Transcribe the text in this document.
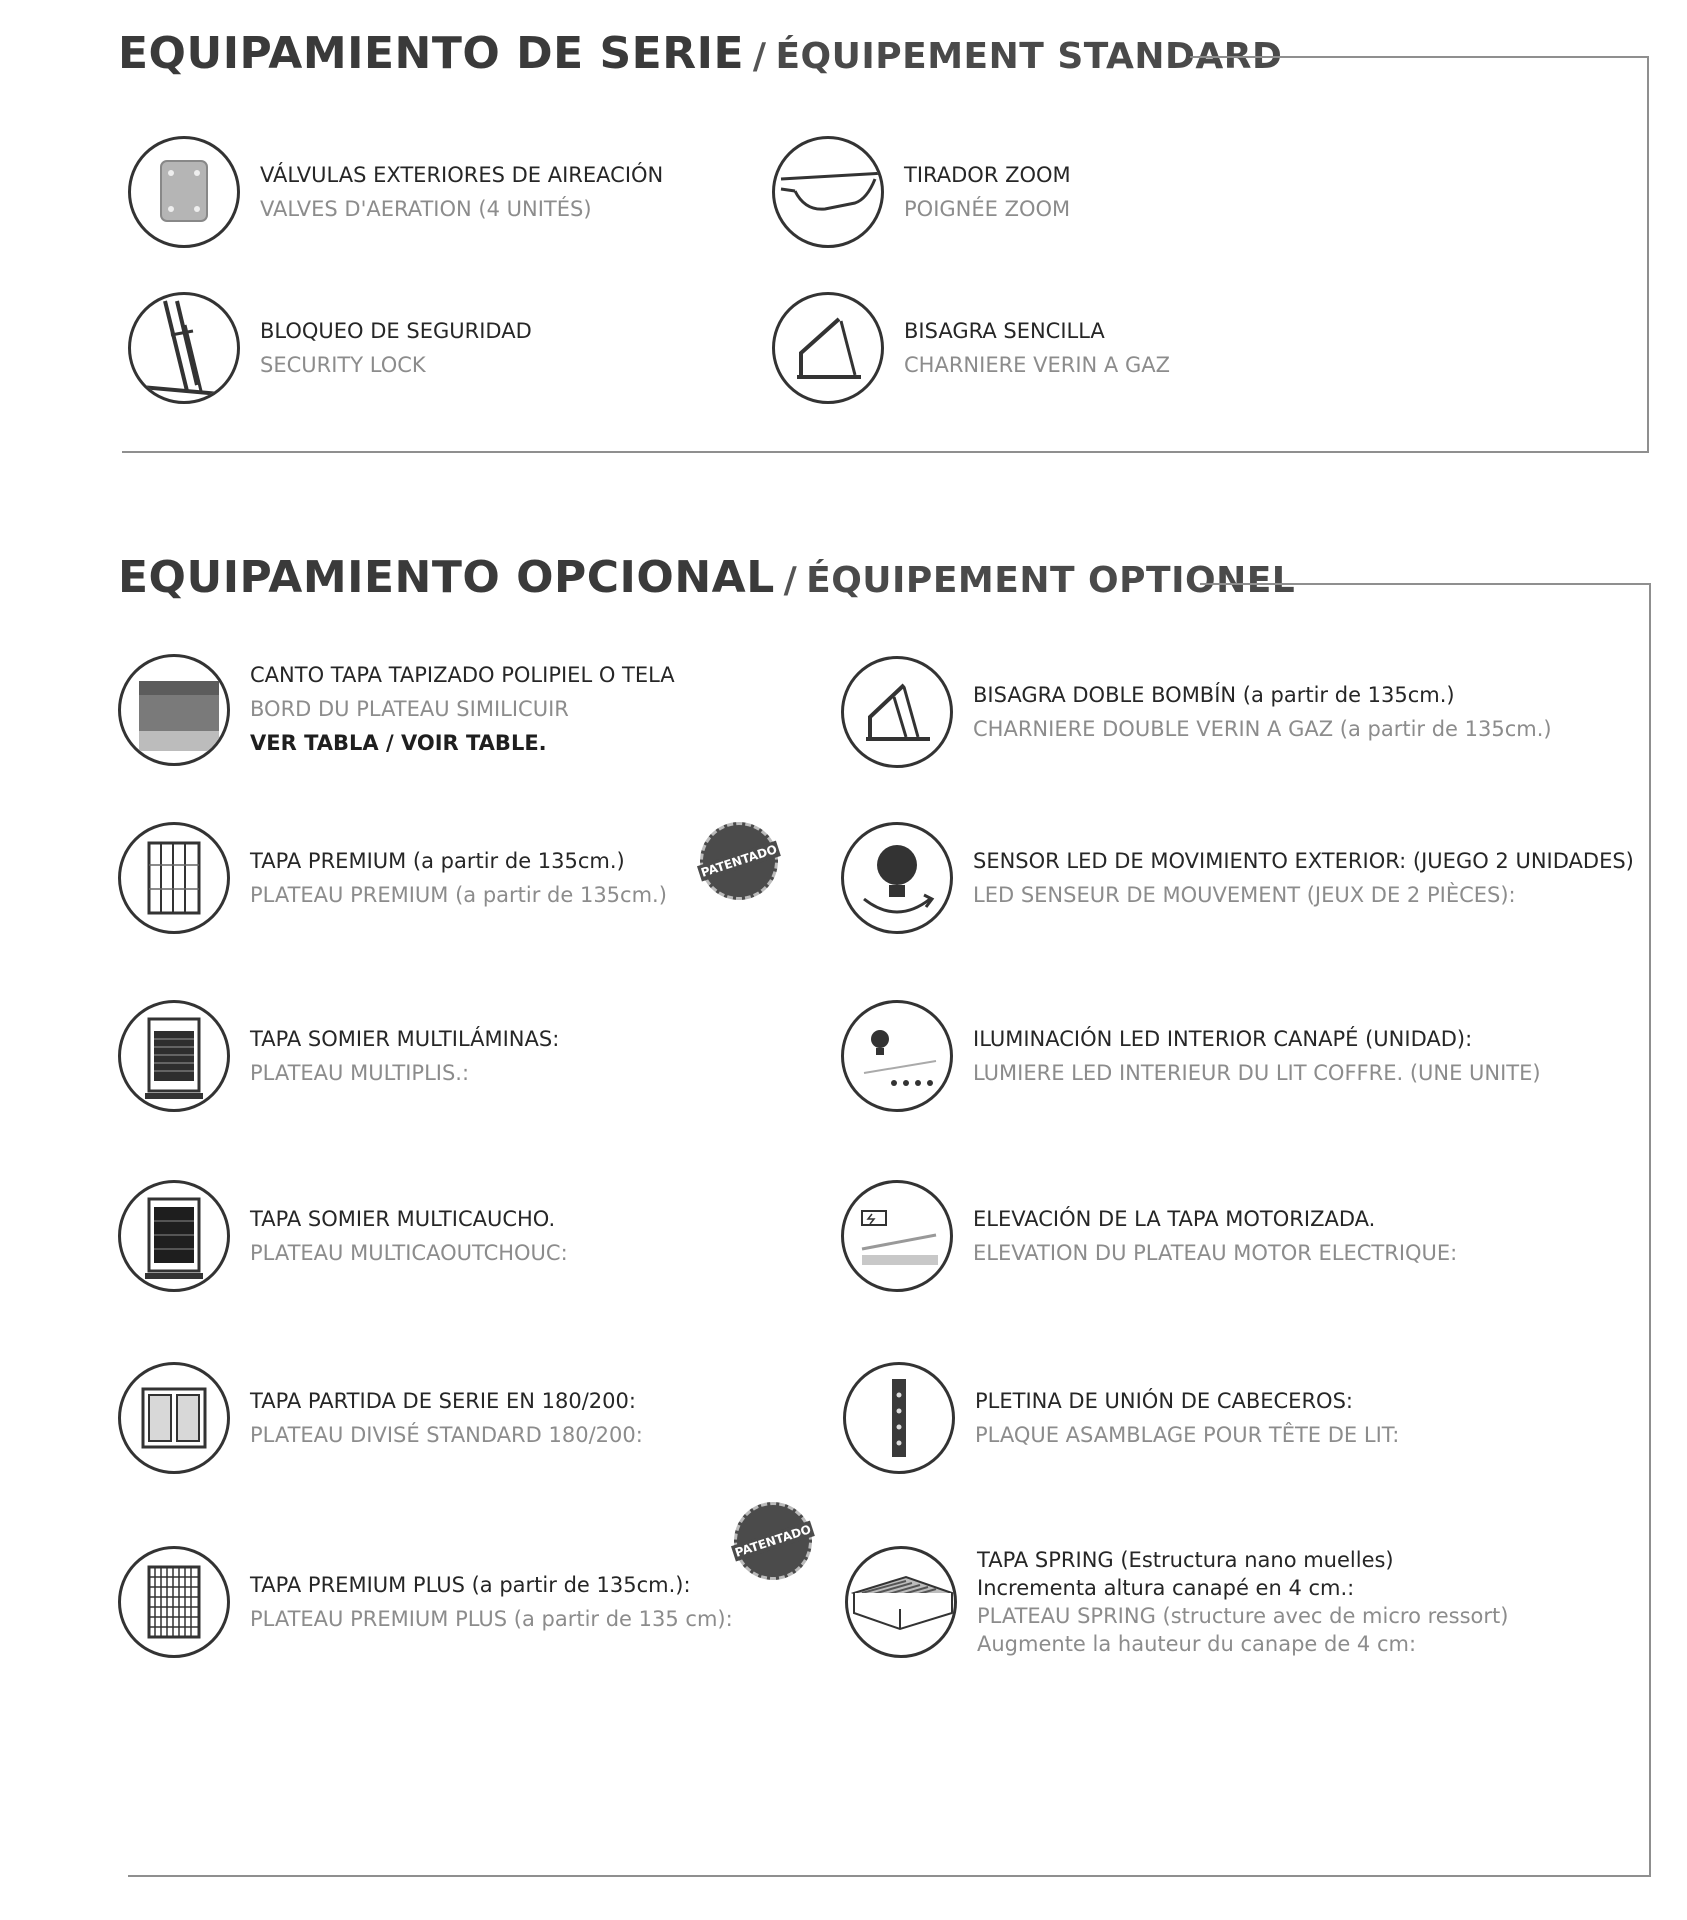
EQUIPAMIENTO DE SERIE / ÉQUIPEMENT STANDARD
VÁLVULAS EXTERIORES DE AIREACIÓN
VALVES D'AERATION (4 UNITÉS)
TIRADOR ZOOM
POIGNÉE ZOOM
BLOQUEO DE SEGURIDAD
SECURITY LOCK
BISAGRA SENCILLA
CHARNIERE VERIN A GAZ
EQUIPAMIENTO OPCIONAL / ÉQUIPEMENT OPTIONEL
CANTO TAPA TAPIZADO POLIPIEL O TELA
BORD DU PLATEAU SIMILICUIR
VER TABLA / VOIR TABLE.
BISAGRA DOBLE BOMBÍN (a partir de 135cm.)
CHARNIERE DOUBLE VERIN A GAZ (a partir de 135cm.)
TAPA PREMIUM (a partir de 135cm.)
PLATEAU PREMIUM (a partir de 135cm.)
PATENTADO	SENSOR LED DE MOVIMIENTO EXTERIOR: (JUEGO 2 UNIDADES)
LED SENSEUR DE MOUVEMENT (JEUX DE 2 PIÈCES):
TAPA SOMIER MULTILÁMINAS:
PLATEAU MULTIPLIS.:
ILUMINACIÓN LED INTERIOR CANAPÉ (UNIDAD):
LUMIERE LED INTERIEUR DU LIT COFFRE. (UNE UNITE)
TAPA SOMIER MULTICAUCHO.
PLATEAU MULTICAOUTCHOUC:
ELEVACIÓN DE LA TAPA MOTORIZADA.
ELEVATION DU PLATEAU MOTOR ELECTRIQUE:
TAPA PARTIDA DE SERIE EN 180/200:
PLATEAU DIVISÉ STANDARD 180/200:
PLETINA DE UNIÓN DE CABECEROS:
PLAQUE ASAMBLAGE POUR TÊTE DE LIT:
TAPA PREMIUM PLUS (a partir de 135cm.):
PLATEAU PREMIUM PLUS (a partir de 135 cm):
PATENTADO
TAPA SPRING (Estructura nano muelles)
Incrementa altura canapé en 4 cm.:
PLATEAU SPRING (structure avec de micro ressort)
Augmente la hauteur du canape de 4 cm:
